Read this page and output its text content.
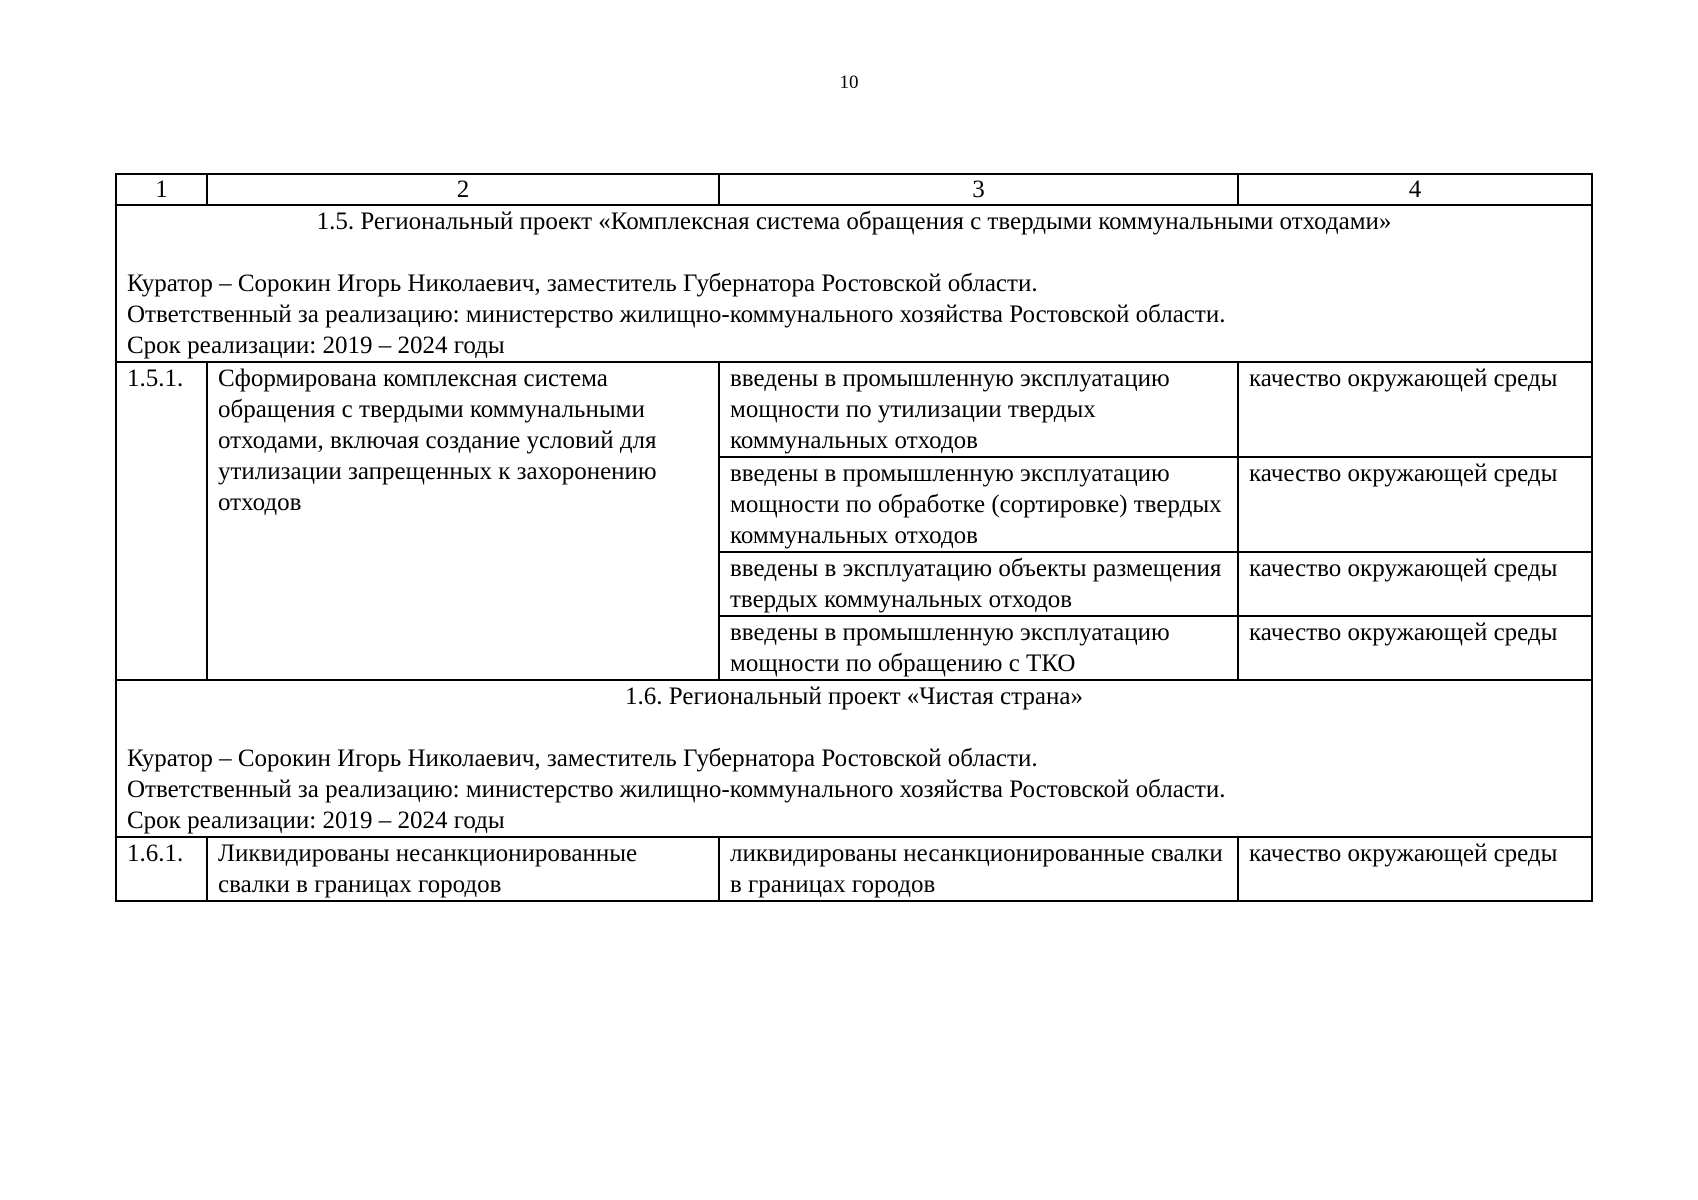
10
1	2	3	4

1.5. Региональный проект «Комплексная система обращения с твердыми коммунальными отходами»
Куратор – Сорокин Игорь Николаевич, заместитель Губернатора Ростовской области.
Ответственный за реализацию: министерство жилищно-коммунального хозяйства Ростовской области.
Срок реализации: 2019 – 2024 годы			

1.5.1.	Сформирована комплексная система обращения с твердыми коммунальными отходами, включая создание условий для утилизации запрещенных к захоронению отходов	введены в промышленную эксплуатацию мощности по утилизации твердых коммунальных отходов	качество окружающей среды
		введены в промышленную эксплуатацию мощности по обработке (сортировке) твердых коммунальных отходов	качество окружающей среды
		введены в эксплуатацию объекты размещения твердых коммунальных отходов	качество окружающей среды
		введены в промышленную эксплуатацию мощности по обращению с ТКО	качество окружающей среды

1.6. Региональный проект «Чистая страна»
Куратор – Сорокин Игорь Николаевич, заместитель Губернатора Ростовской области.
Ответственный за реализацию: министерство жилищно-коммунального хозяйства Ростовской области.
Срок реализации: 2019 – 2024 годы			

1.6.1.	Ликвидированы несанкционированные свалки в границах городов	ликвидированы несанкционированные свалки в границах городов	качество окружающей среды
